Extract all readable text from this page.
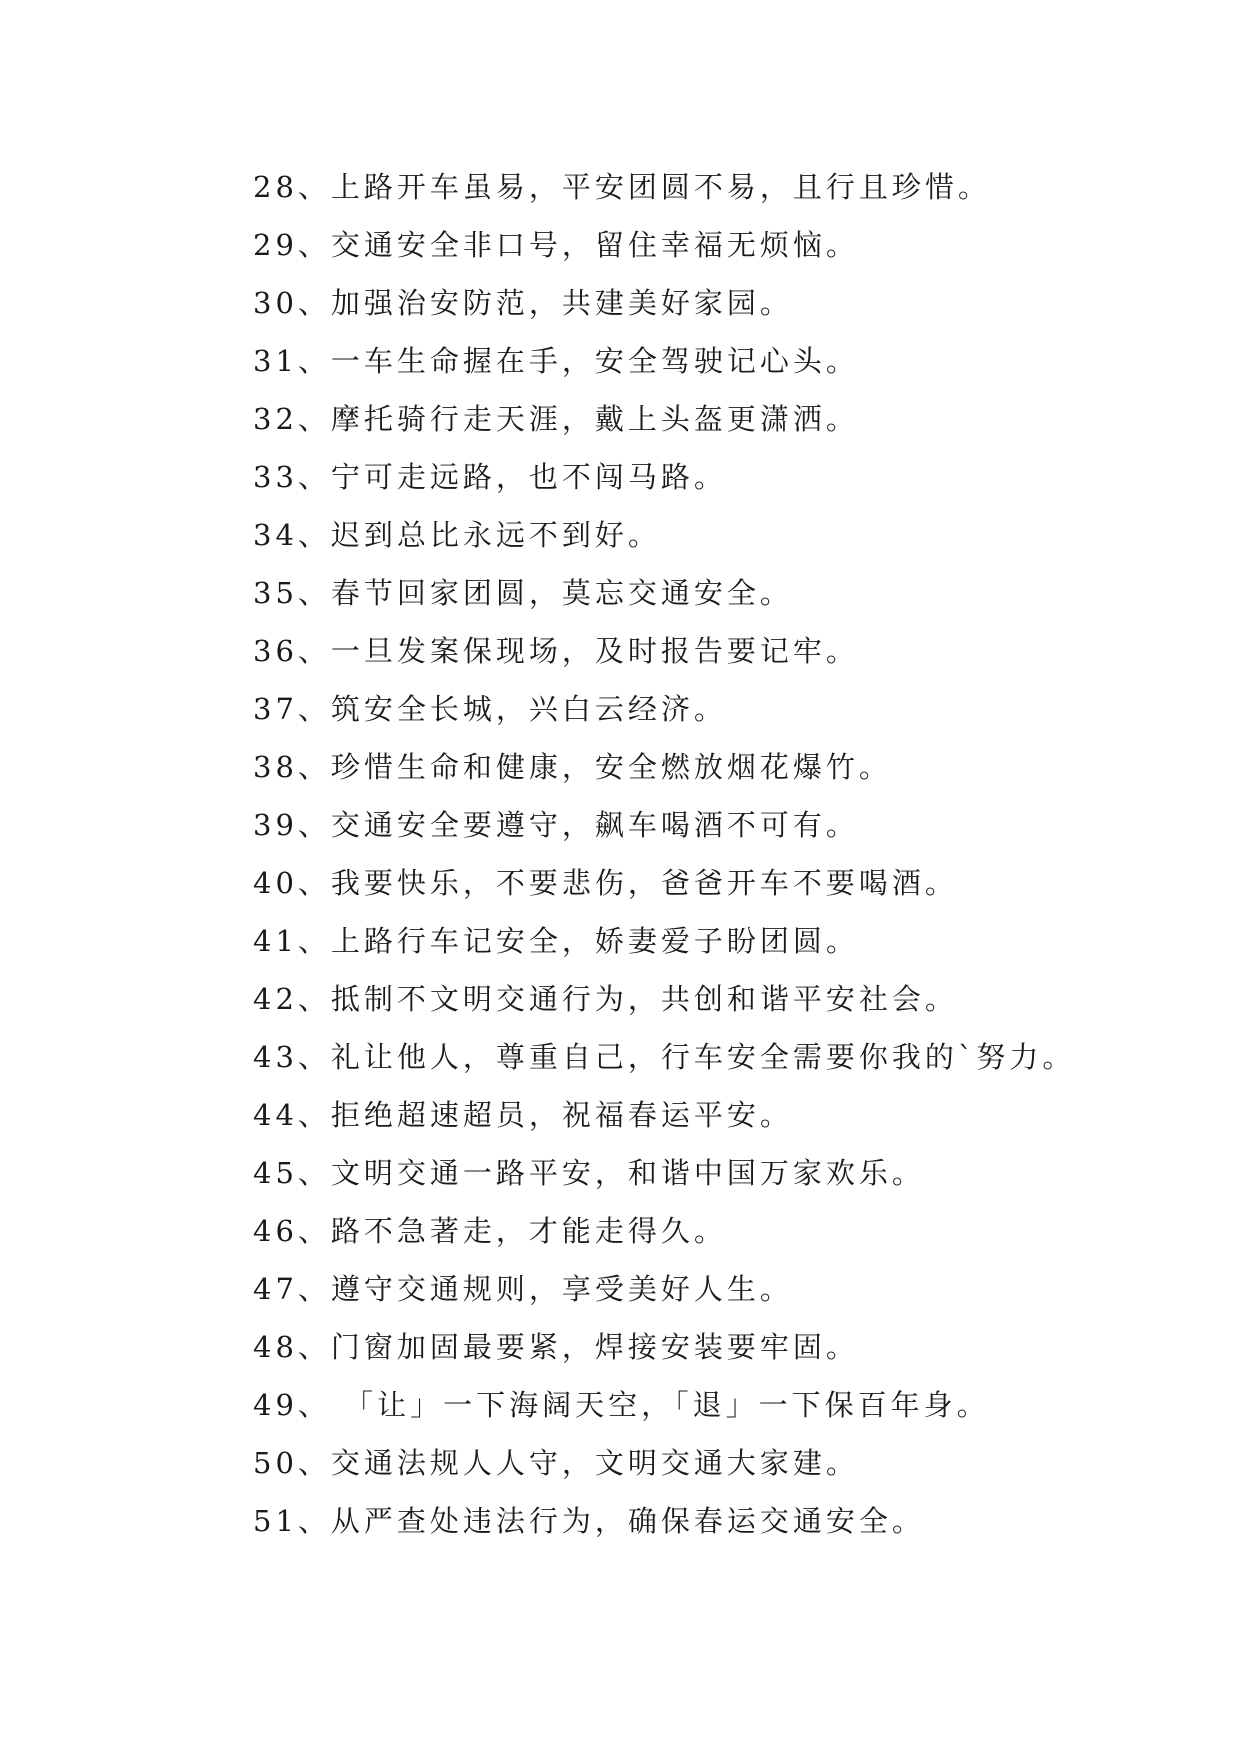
28、上路开车虽易，平安团圆不易，且行且珍惜。
29、交通安全非口号，留住幸福无烦恼。
30、加强治安防范，共建美好家园。
31、一车生命握在手，安全驾驶记心头。
32、摩托骑行走天涯，戴上头盔更潇洒。
33、宁可走远路，也不闯马路。
34、迟到总比永远不到好。
35、春节回家团圆，莫忘交通安全。
36、一旦发案保现场，及时报告要记牢。
37、筑安全长城，兴白云经济。
38、珍惜生命和健康，安全燃放烟花爆竹。
39、交通安全要遵守，飙车喝酒不可有。
40、我要快乐，不要悲伤，爸爸开车不要喝酒。
41、上路行车记安全，娇妻爱子盼团圆。
42、抵制不文明交通行为，共创和谐平安社会。
43、礼让他人，尊重自己，行车安全需要你我的`努力。
44、拒绝超速超员，祝福春运平安。
45、文明交通一路平安，和谐中国万家欢乐。
46、路不急著走，才能走得久。
47、遵守交通规则，享受美好人生。
48、门窗加固最要紧，焊接安装要牢固。
49、 「让」一下海阔天空，「退」一下保百年身。
50、交通法规人人守，文明交通大家建。
51、从严查处违法行为，确保春运交通安全。
